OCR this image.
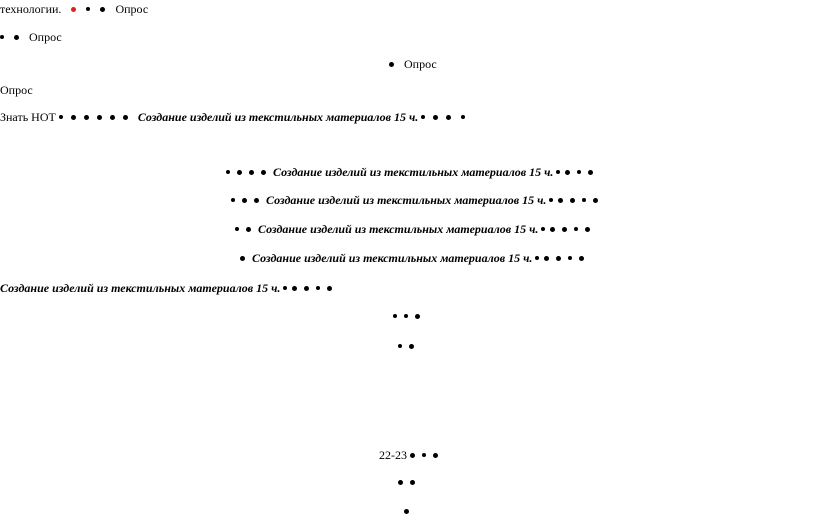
технологии.	Опрос
Опрос
Опрос
Опрос
Знать НОТ	Создание изделий из текстильных материалов 15 ч.
Создание изделий из текстильных материалов 15 ч.
Создание изделий из текстильных материалов 15 ч.
Создание изделий из текстильных материалов 15 ч.
Создание изделий из текстильных материалов 15 ч.
Создание изделий из текстильных материалов 15 ч.

22-23
